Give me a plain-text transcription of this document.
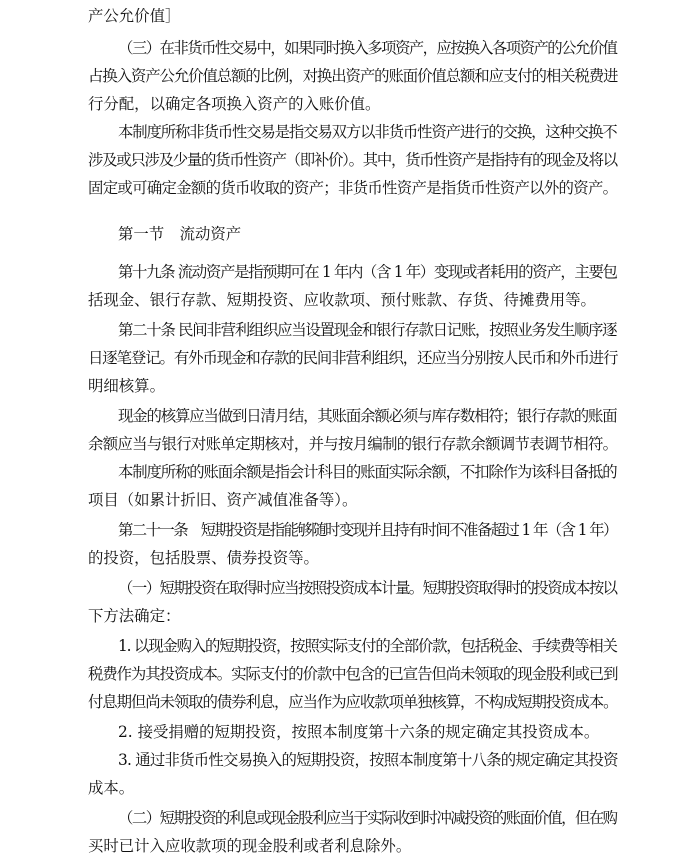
产公允价值］
（三）在非货币性交易中，如果同时换入多项资产，应按换入各项资产的公允价值
占换入资产公允价值总额的比例，对换出资产的账面价值总额和应支付的相关税费进
行分配，以确定各项换入资产的入账价值。
本制度所称非货币性交易是指交易双方以非货币性资产进行的交换，这种交换不
涉及或只涉及少量的货币性资产（即补价）。其中，货币性资产是指持有的现金及将以
固定或可确定金额的货币收取的资产；非货币性资产是指货币性资产以外的资产。
第一节　流动资产
第十九条 流动资产是指预期可在 1 年内（含 1 年）变现或者耗用的资产，主要包
括现金、银行存款、短期投资、应收款项、预付账款、存货、待摊费用等。
第二十条 民间非营利组织应当设置现金和银行存款日记账，按照业务发生顺序逐
日逐笔登记。有外币现金和存款的民间非营利组织，还应当分别按人民币和外币进行
明细核算。
现金的核算应当做到日清月结，其账面余额必须与库存数相符；银行存款的账面
余额应当与银行对账单定期核对，并与按月编制的银行存款余额调节表调节相符。
本制度所称的账面余额是指会计科目的账面实际余额，不扣除作为该科目备抵的
项目（如累计折旧、资产减值准备等）。
第二十一条　短期投资是指能够随时变现并且持有时间不准备超过 1 年（含 1 年）
的投资，包括股票、债券投资等。
（一）短期投资在取得时应当按照投资成本计量。短期投资取得时的投资成本按以
下方法确定：
1. 以现金购入的短期投资，按照实际支付的全部价款，包括税金、手续费等相关
税费作为其投资成本。实际支付的价款中包含的已宣告但尚未领取的现金股利或已到
付息期但尚未领取的债券利息，应当作为应收款项单独核算，不构成短期投资成本。
2. 接受捐赠的短期投资，按照本制度第十六条的规定确定其投资成本。
3. 通过非货币性交易换入的短期投资，按照本制度第十八条的规定确定其投资
成本。
（二）短期投资的利息或现金股利应当于实际收到时冲减投资的账面价值，但在购
买时已计入应收款项的现金股利或者利息除外。
